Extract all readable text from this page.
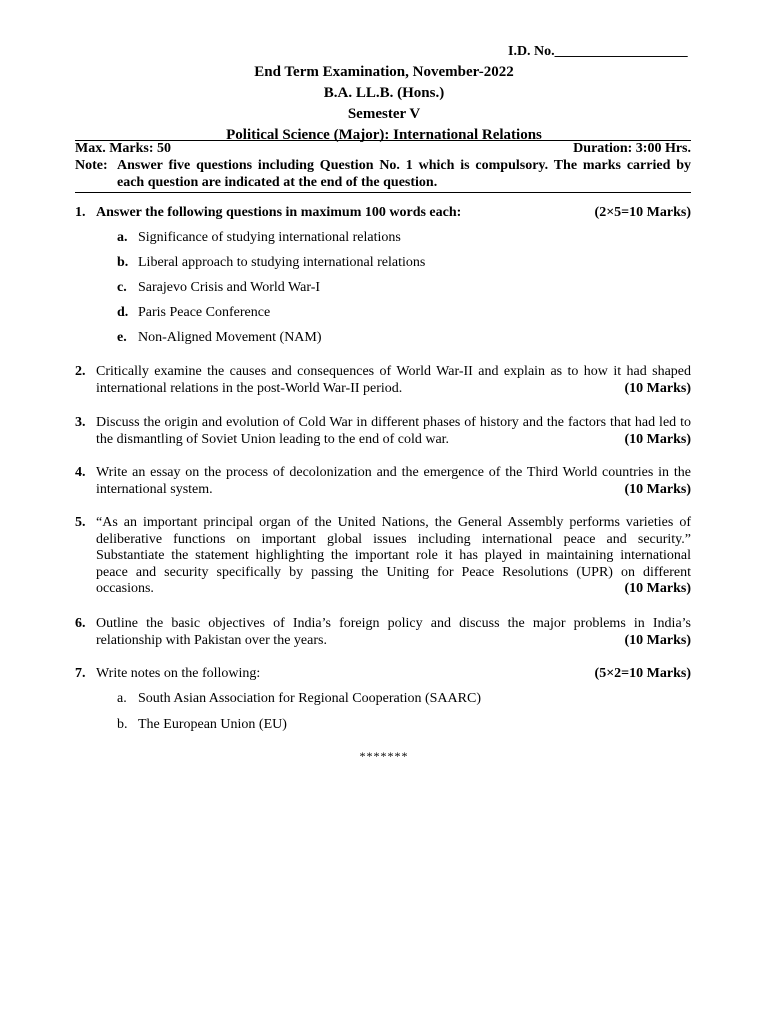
I.D. No.___________________
End Term Examination, November-2022
B.A. LL.B. (Hons.)
Semester V
Political Science (Major): International Relations
Max. Marks: 50	Duration: 3:00 Hrs.
Note: Answer five questions including Question No. 1 which is compulsory. The marks carried by
each question are indicated at the end of the question.
1. Answer the following questions in maximum 100 words each:	(2×5=10 Marks)
a. Significance of studying international relations
b. Liberal approach to studying international relations
c. Sarajevo Crisis and World War-I
d. Paris Peace Conference
e. Non-Aligned Movement (NAM)
2. Critically examine the causes and consequences of World War-II and explain as to how it had shaped
international relations in the post-World War-II period.	(10 Marks)
3. Discuss the origin and evolution of Cold War in different phases of history and the factors that had led to
the dismantling of Soviet Union leading to the end of cold war.	(10 Marks)
4. Write an essay on the process of decolonization and the emergence of the Third World countries in the
international system.	(10 Marks)
5. “As an important principal organ of the United Nations, the General Assembly performs varieties of
deliberative functions on important global issues including international peace and security.”
Substantiate the statement highlighting the important role it has played in maintaining international
peace and security specifically by passing the Uniting for Peace Resolutions (UPR) on different
occasions.	(10 Marks)
6. Outline the basic objectives of India’s foreign policy and discuss the major problems in India’s
relationship with Pakistan over the years.	(10 Marks)
7. Write notes on the following:	(5×2=10 Marks)
a. South Asian Association for Regional Cooperation (SAARC)
b. The European Union (EU)
*******
